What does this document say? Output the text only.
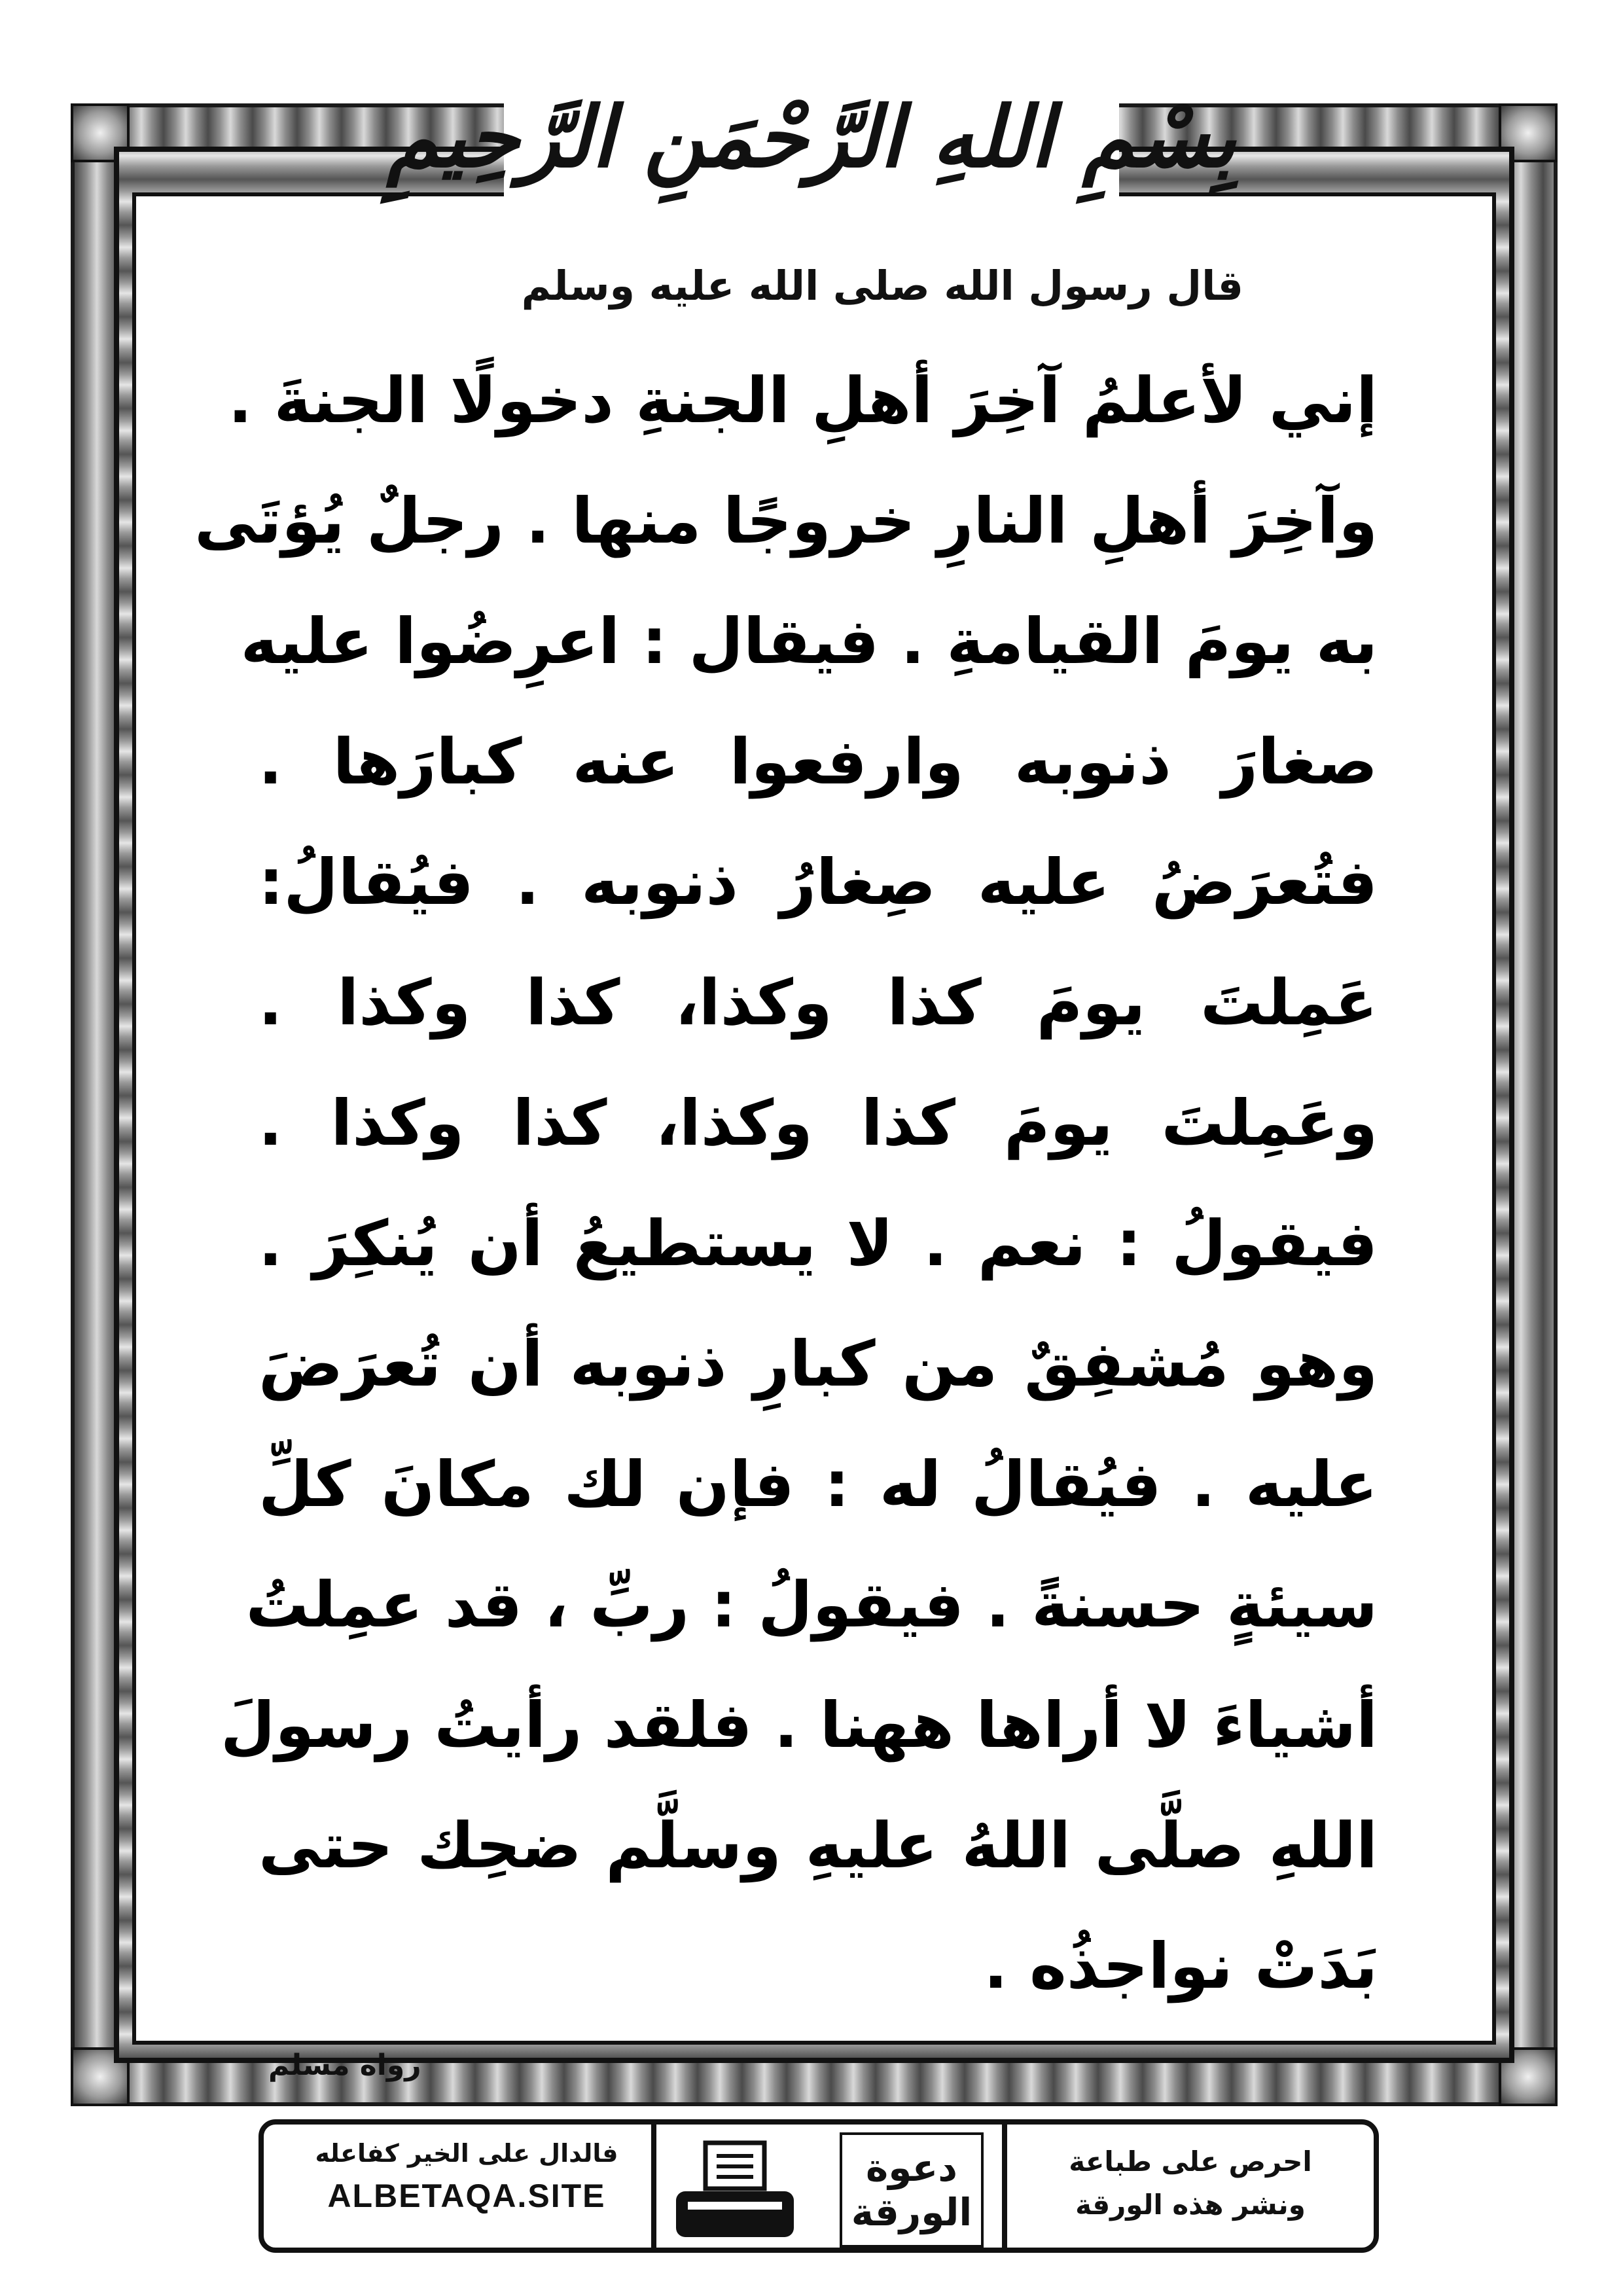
بِسْمِ اللهِ الرَّحْمَنِ الرَّحِيمِ
قال رسول الله صلى الله عليه وسلم
إني لأعلمُ آخِرَ أهلِ الجنةِ دخولًا الجنةَ .
وآخِرَ أهلِ النارِ خروجًا منها . رجلٌ يُؤتَى
به يومَ القيامةِ . فيقال : اعرِضُوا عليه
صغارَ ذنوبه وارفعوا عنه كبارَها .
فتُعرَضُ عليه صِغارُ ذنوبه . فيُقالُ:
عَمِلتَ يومَ كذا وكذا، كذا وكذا .
وعَمِلتَ يومَ كذا وكذا، كذا وكذا .
فيقولُ : نعم . لا يستطيعُ أن يُنكِرَ .
وهو مُشفِقٌ من كبارِ ذنوبه أن تُعرَضَ
عليه . فيُقالُ له : فإن لك مكانَ كلِّ
سيئةٍ حسنةً . فيقولُ : ربِّ ، قد عمِلتُ
أشياءَ لا أراها ههنا . فلقد رأيتُ رسولَ
اللهِ صلَّى اللهُ عليهِ وسلَّم ضحِك حتى
بَدَتْ نواجذُه .
رواه مسلم
فالدال على الخير كفاعله
ALBETAQA.SITE
دعوة
الورقة
احرص على طباعة
ونشر هذه الورقة
